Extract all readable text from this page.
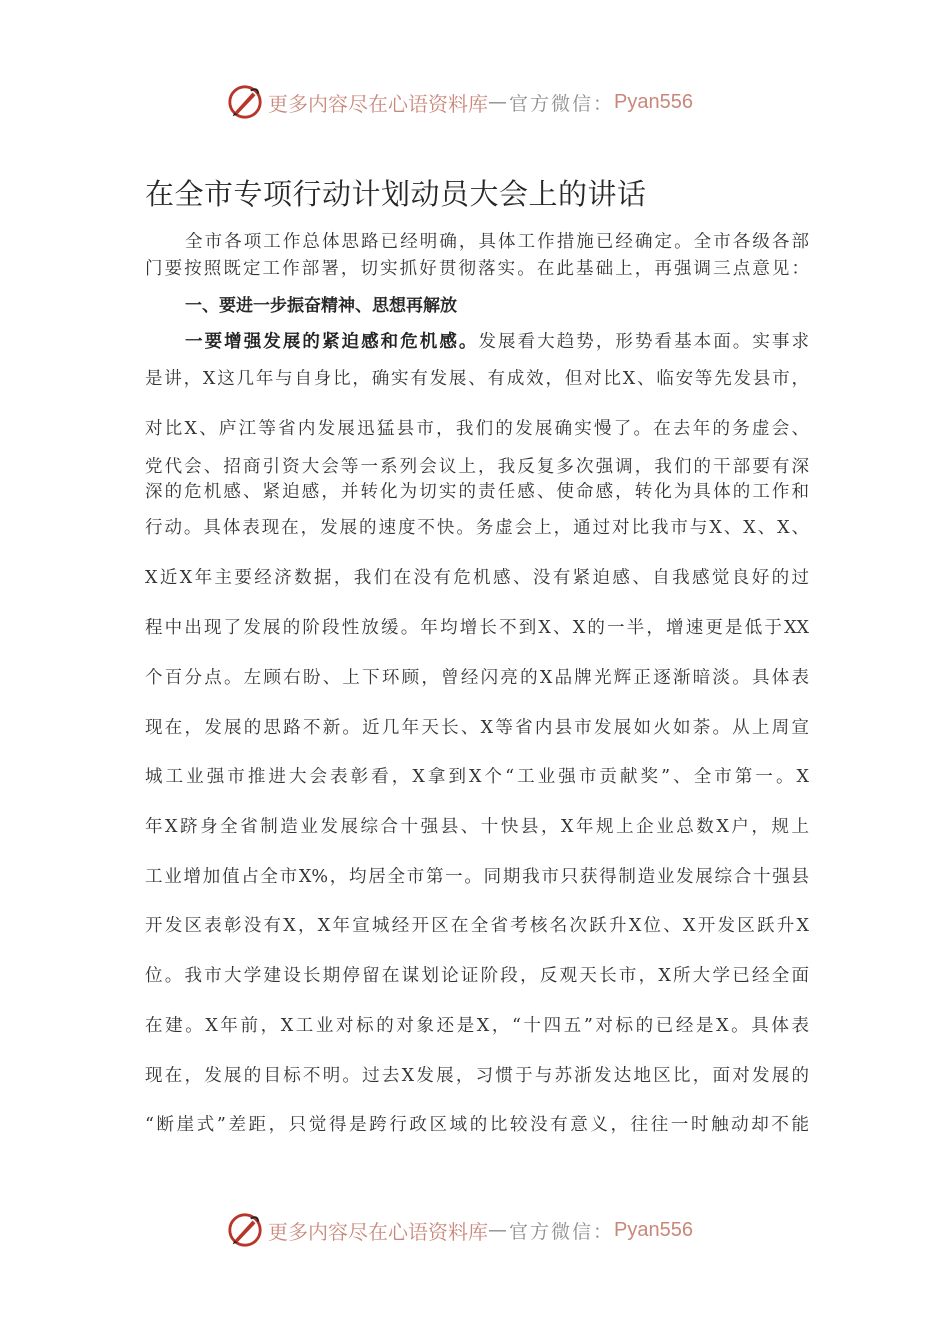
更多内容尽在心语资料库 — 官方微信： Pyan556
在全市专项行动计划动员大会上的讲话
全市各项工作总体思路已经明确，具体工作措施已经确定。全市各级各部
门要按照既定工作部署，切实抓好贯彻落实。在此基础上，再强调三点意见：
一、要进一步振奋精神、思想再解放
一要增强发展的紧迫感和危机感。发展看大趋势，形势看基本面。实事求
是讲，X这几年与自身比，确实有发展、有成效，但对比X、临安等先发县市，
对比X、庐江等省内发展迅猛县市，我们的发展确实慢了。在去年的务虚会、
党代会、招商引资大会等一系列会议上，我反复多次强调，我们的干部要有深
深的危机感、紧迫感，并转化为切实的责任感、使命感，转化为具体的工作和
行动。具体表现在，发展的速度不快。务虚会上，通过对比我市与X、X、X、
X近X年主要经济数据，我们在没有危机感、没有紧迫感、自我感觉良好的过
程中出现了发展的阶段性放缓。年均增长不到X、X的一半，增速更是低于XX
个百分点。左顾右盼、上下环顾，曾经闪亮的X品牌光辉正逐渐暗淡。具体表
现在，发展的思路不新。近几年天长、X等省内县市发展如火如荼。从上周宣
城工业强市推进大会表彰看，X拿到X个“工业强市贡献奖”、全市第一。X
年X跻身全省制造业发展综合十强县、十快县，X年规上企业总数X户，规上
工业增加值占全市X%，均居全市第一。同期我市只获得制造业发展综合十强县
开发区表彰没有X，X年宣城经开区在全省考核名次跃升X位、X开发区跃升X
位。我市大学建设长期停留在谋划论证阶段，反观天长市，X所大学已经全面
在建。X年前，X工业对标的对象还是X，“十四五”对标的已经是X。具体表
现在，发展的目标不明。过去X发展，习惯于与苏浙发达地区比，面对发展的
“断崖式”差距，只觉得是跨行政区域的比较没有意义，往往一时触动却不能
更多内容尽在心语资料库 — 官方微信： Pyan556
